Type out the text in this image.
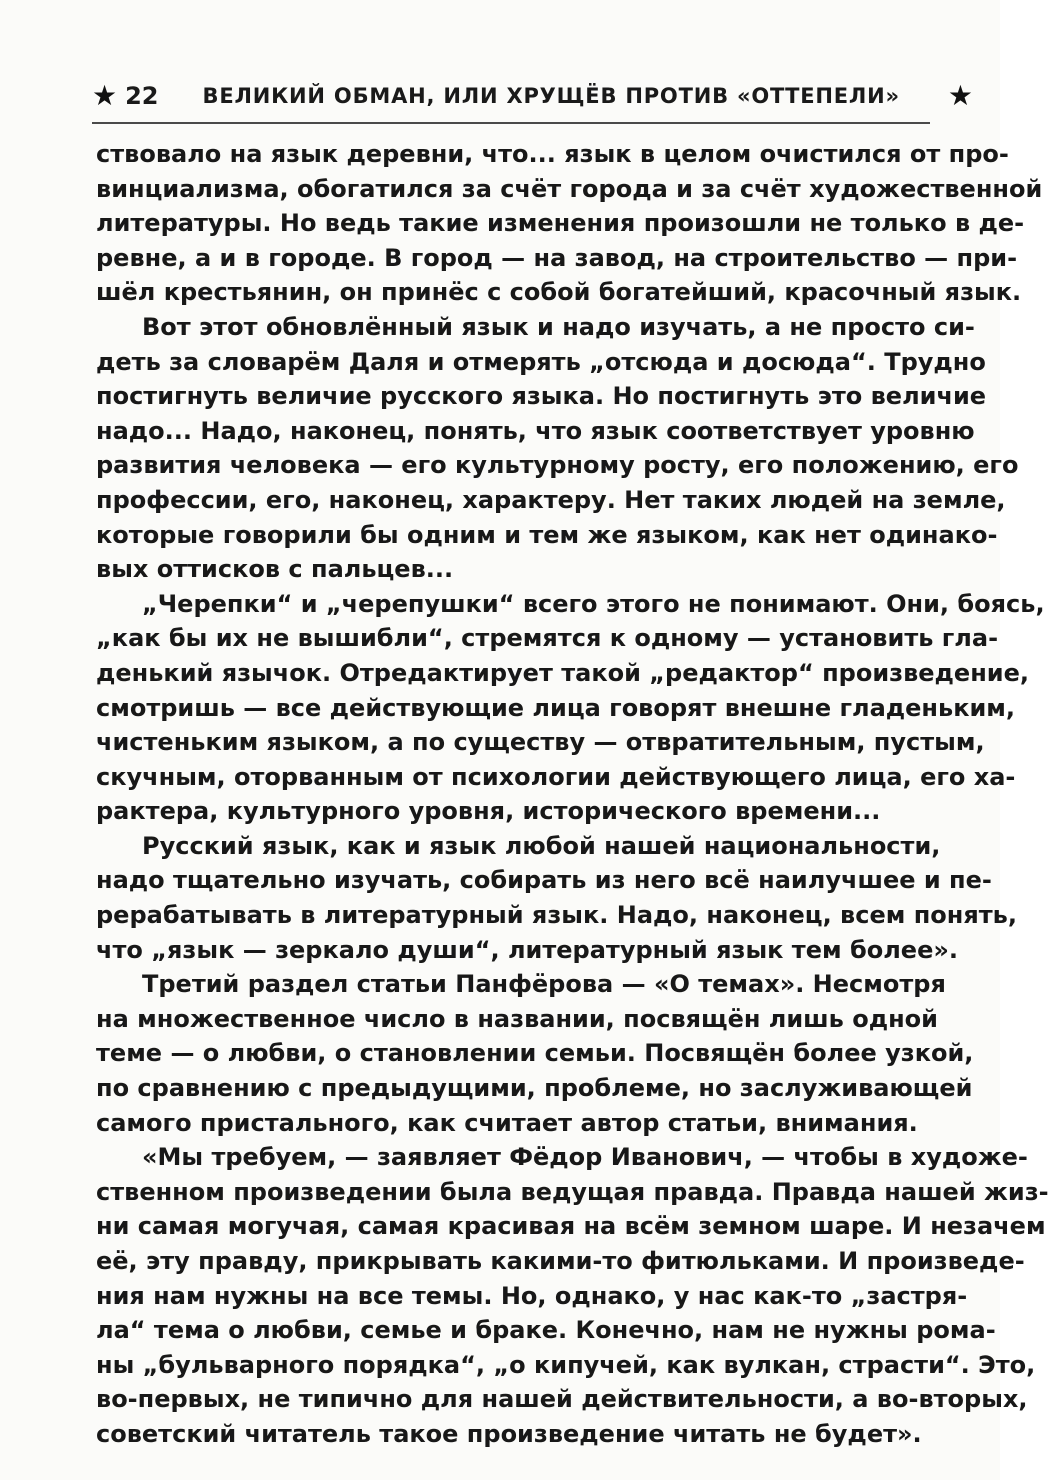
★ 22 ВЕЛИКИЙ ОБМАН, ИЛИ ХРУЩЁВ ПРОТИВ «ОТТЕПЕЛИ» ★
ствовало на язык деревни, что... язык в целом очистился от про-
винциализма, обогатился за счёт города и за счёт художественной
литературы. Но ведь такие изменения произошли не только в де-
ревне, а и в городе. В город — на завод, на строительство — при-
шёл крестьянин, он принёс с собой богатейший, красочный язык.
Вот этот обновлённый язык и надо изучать, а не просто си-
деть за словарём Даля и отмерять „отсюда и досюда“. Трудно
постигнуть величие русского языка. Но постигнуть это величие
надо... Надо, наконец, понять, что язык соответствует уровню
развития человека — его культурному росту, его положению, его
профессии, его, наконец, характеру. Нет таких людей на земле,
которые говорили бы одним и тем же языком, как нет одинако-
вых оттисков с пальцев...
„Черепки“ и „черепушки“ всего этого не понимают. Они, боясь,
„как бы их не вышибли“, стремятся к одному — установить гла-
денький язычок. Отредактирует такой „редактор“ произведение,
смотришь — все действующие лица говорят внешне гладеньким,
чистеньким языком, а по существу — отвратительным, пустым,
скучным, оторванным от психологии действующего лица, его ха-
рактера, культурного уровня, исторического времени...
Русский язык, как и язык любой нашей национальности,
надо тщательно изучать, собирать из него всё наилучшее и пе-
рерабатывать в литературный язык. Надо, наконец, всем понять,
что „язык — зеркало души“, литературный язык тем более».
Третий раздел статьи Панфёрова — «О темах». Несмотря
на множественное число в названии, посвящён лишь одной
теме — о любви, о становлении семьи. Посвящён более узкой,
по сравнению с предыдущими, проблеме, но заслуживающей
самого пристального, как считает автор статьи, внимания.
«Мы требуем, — заявляет Фёдор Иванович, — чтобы в художе-
ственном произведении была ведущая правда. Правда нашей жиз-
ни самая могучая, самая красивая на всём земном шаре. И незачем
её, эту правду, прикрывать какими-то фитюльками. И произведе-
ния нам нужны на все темы. Но, однако, у нас как-то „застря-
ла“ тема о любви, семье и браке. Конечно, нам не нужны рома-
ны „бульварного порядка“, „о кипучей, как вулкан, страсти“. Это,
во-первых, не типично для нашей действительности, а во-вторых,
советский читатель такое произведение читать не будет».
